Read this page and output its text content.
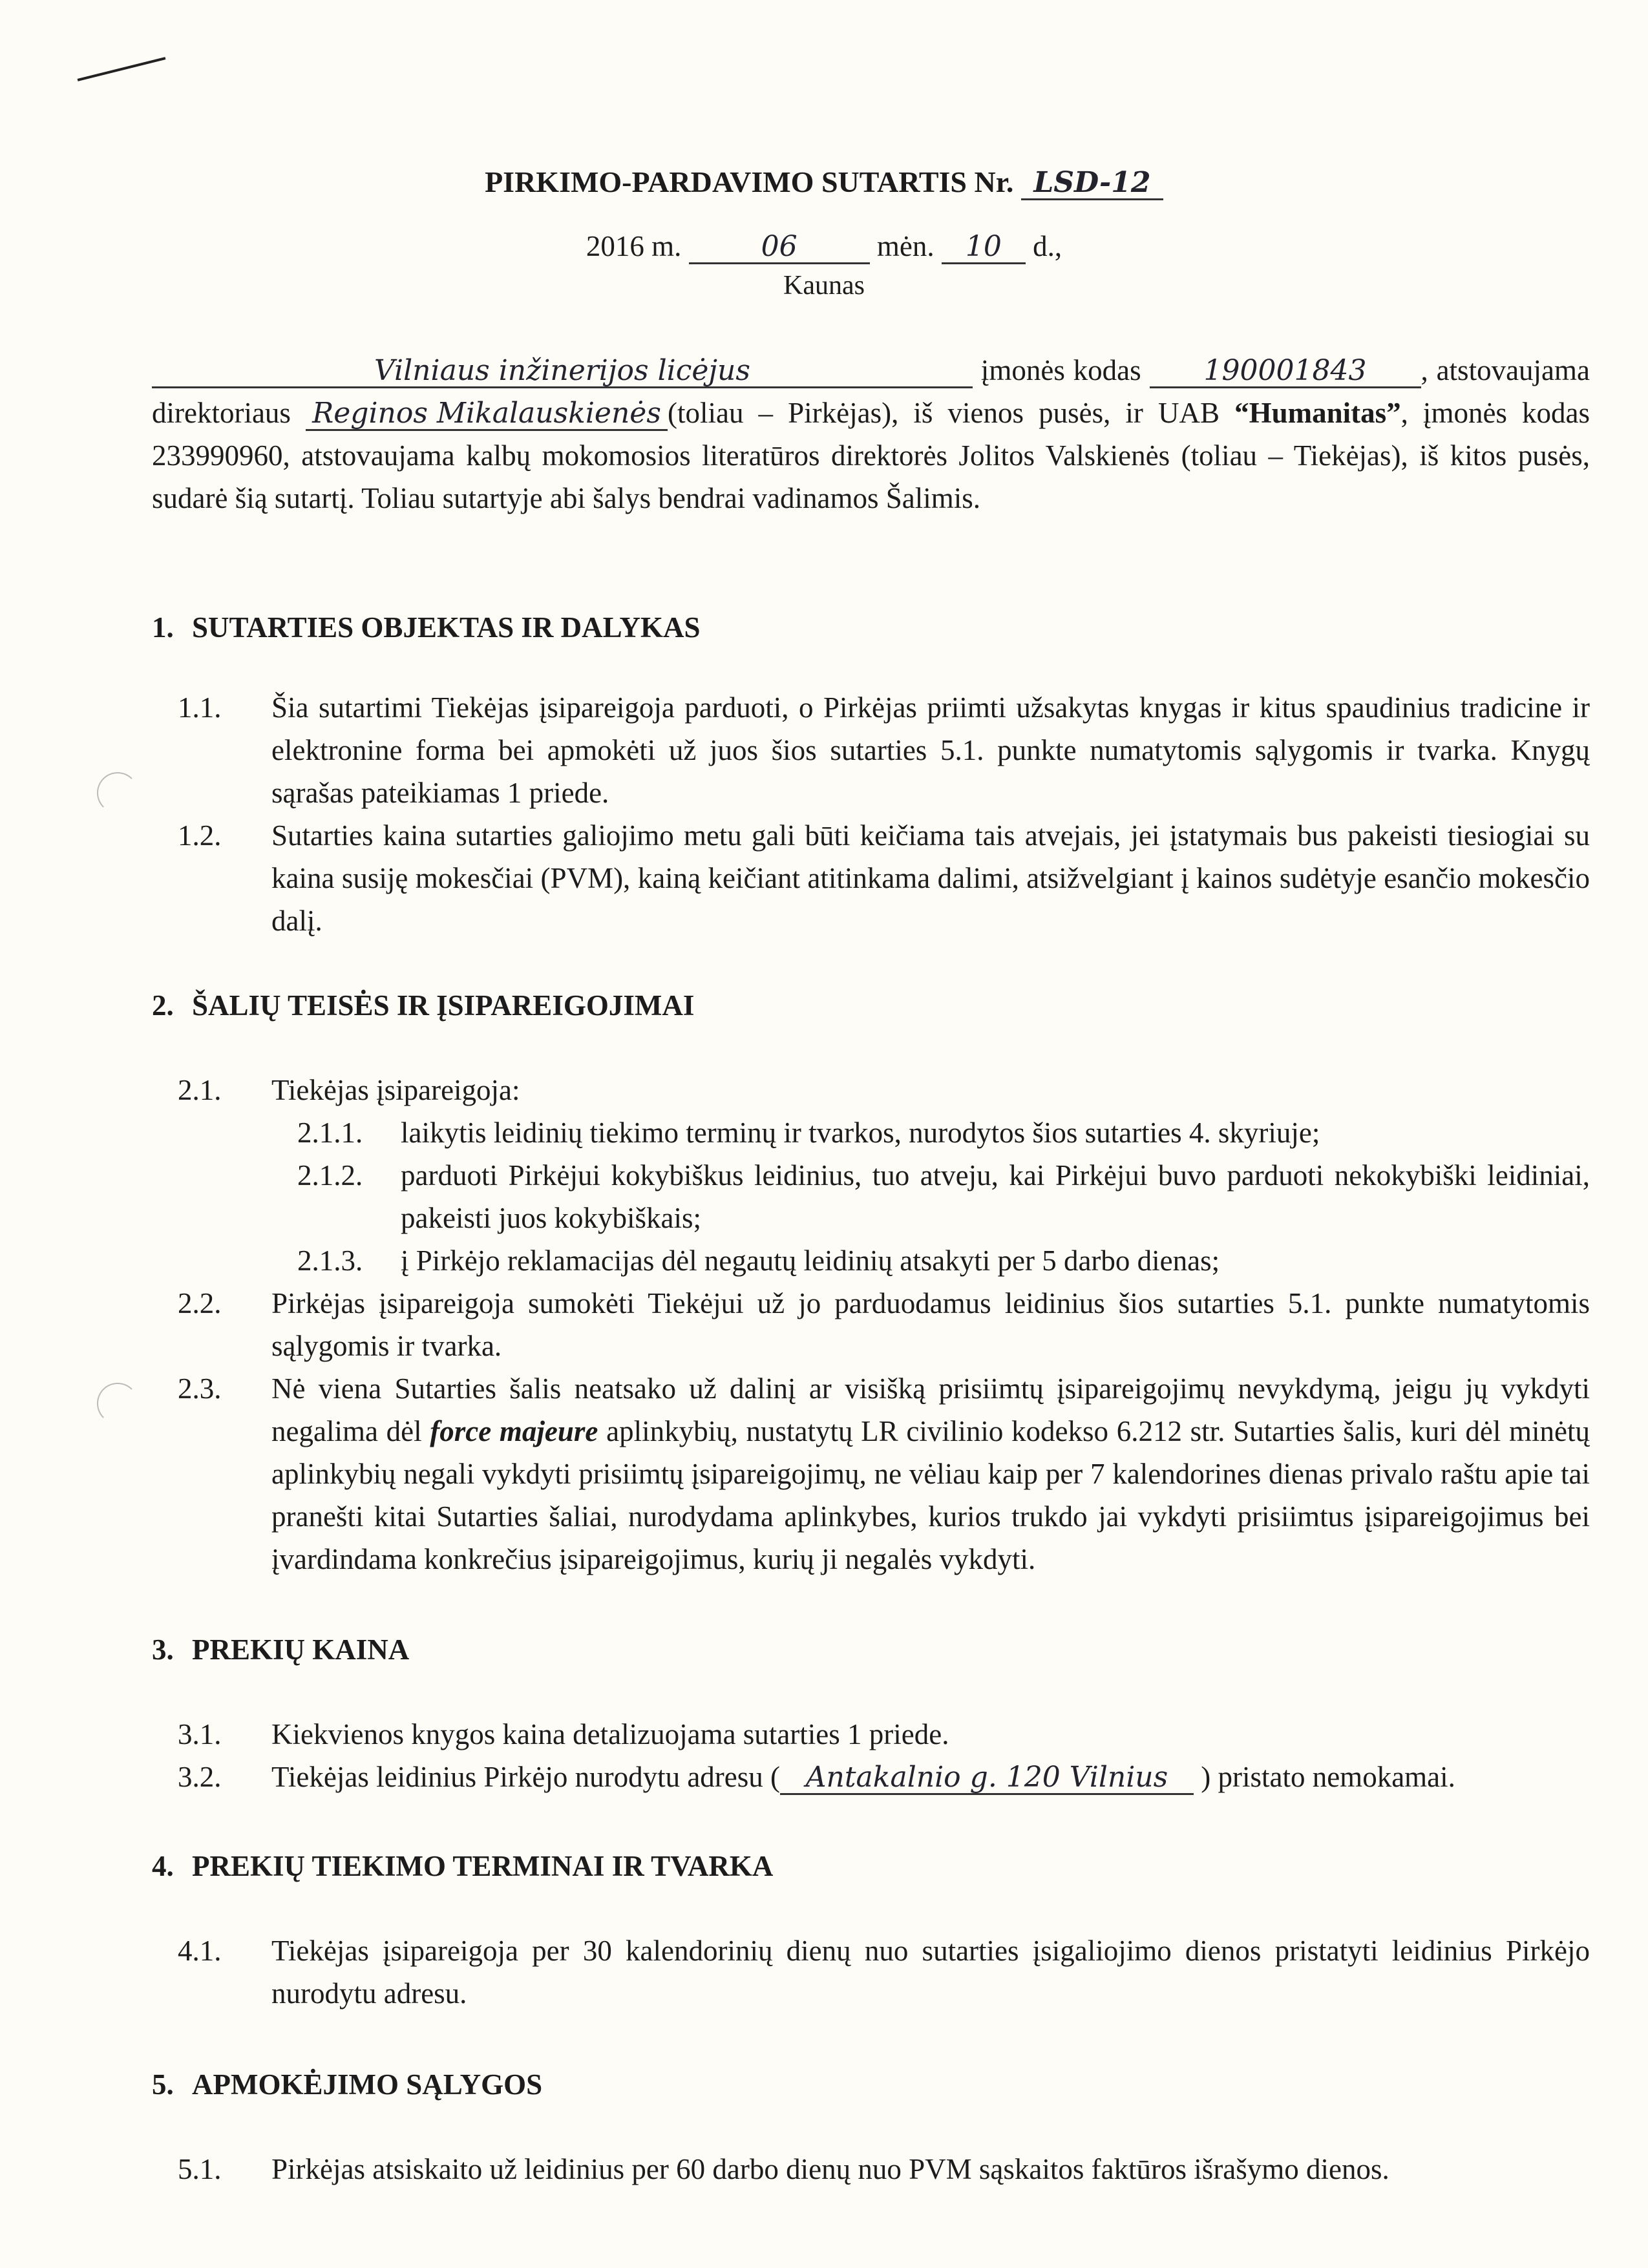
PIRKIMO-PARDAVIMO SUTARTIS Nr. LSD-12
2016 m.	06	mėn. 10 d.,
Kaunas
Vilniaus inžinerijos licėjus	įmonės kodas 190001843 , atstovaujama direktoriaus Reginos Mikalauskienės (toliau – Pirkėjas), iš vienos pusės, ir UAB “Humanitas”, įmonės kodas 233990960, atstovaujama kalbų mokomosios literatūros direktorės Jolitos Valskienės (toliau – Tiekėjas), iš kitos pusės, sudarė šią sutartį. Toliau sutartyje abi šalys bendrai vadinamos Šalimis.

1. SUTARTIES OBJEKTAS IR DALYKAS

1.1.	Šia sutartimi Tiekėjas įsipareigoja parduoti, o Pirkėjas priimti užsakytas knygas ir kitus spaudinius tradicine ir elektronine forma bei apmokėti už juos šios sutarties 5.1. punkte numatytomis sąlygomis ir tvarka. Knygų sąrašas pateikiamas 1 priede.
1.2.	Sutarties kaina sutarties galiojimo metu gali būti keičiama tais atvejais, jei įstatymais bus pakeisti tiesiogiai su kaina susiję mokesčiai (PVM), kainą keičiant atitinkama dalimi, atsižvelgiant į kainos sudėtyje esančio mokesčio dalį.

2. ŠALIŲ TEISĖS IR ĮSIPAREIGOJIMAI

2.1.	Tiekėjas įsipareigoja:
2.1.1.	laikytis leidinių tiekimo terminų ir tvarkos, nurodytos šios sutarties 4. skyriuje;
2.1.2.	parduoti Pirkėjui kokybiškus leidinius, tuo atveju, kai Pirkėjui buvo parduoti nekokybiški leidiniai, pakeisti juos kokybiškais;
2.1.3.	į Pirkėjo reklamacijas dėl negautų leidinių atsakyti per 5 darbo dienas;
2.2.	Pirkėjas įsipareigoja sumokėti Tiekėjui už jo parduodamus leidinius šios sutarties 5.1. punkte numatytomis sąlygomis ir tvarka.
2.3.	Nė viena Sutarties šalis neatsako už dalinį ar visišką prisiimtų įsipareigojimų nevykdymą, jeigu jų vykdyti negalima dėl force majeure aplinkybių, nustatytų LR civilinio kodekso 6.212 str. Sutarties šalis, kuri dėl minėtų aplinkybių negali vykdyti prisiimtų įsipareigojimų, ne vėliau kaip per 7 kalendorines dienas privalo raštu apie tai pranešti kitai Sutarties šaliai, nurodydama aplinkybes, kurios trukdo jai vykdyti prisiimtus įsipareigojimus bei įvardindama konkrečius įsipareigojimus, kurių ji negalės vykdyti.

3. PREKIŲ KAINA

3.1.	Kiekvienos knygos kaina detalizuojama sutarties 1 priede.
3.2.	Tiekėjas leidinius Pirkėjo nurodytu adresu ( Antakalnio g. 120 Vilnius ) pristato nemokamai.

4. PREKIŲ TIEKIMO TERMINAI IR TVARKA

4.1.	Tiekėjas įsipareigoja per 30 kalendorinių dienų nuo sutarties įsigaliojimo dienos pristatyti leidinius Pirkėjo nurodytu adresu.

5. APMOKĖJIMO SĄLYGOS

5.1.	Pirkėjas atsiskaito už leidinius per 60 darbo dienų nuo PVM sąskaitos faktūros išrašymo dienos.
